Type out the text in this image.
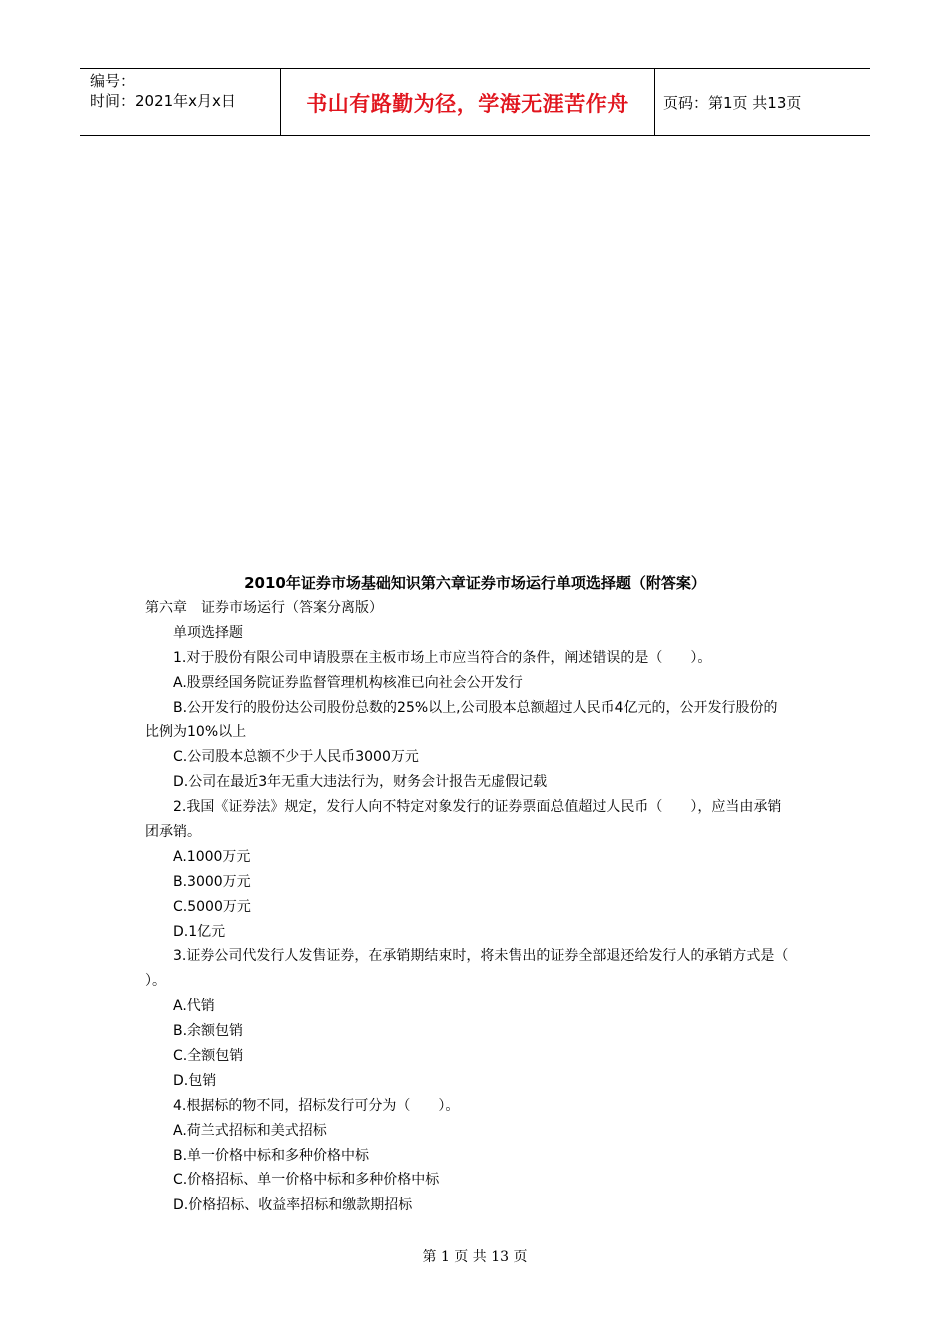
编号：
时间：2021年x月x日	书山有路勤为径，学海无涯苦作舟 页码：第1页 共13页
2010年证券市场基础知识第六章证券市场运行单项选择题（附答案）
第六章　证券市场运行（答案分离版）
单项选择题
1.对于股份有限公司申请股票在主板市场上市应当符合的条件，阐述错误的是（　　）。
A.股票经国务院证券监督管理机构核准已向社会公开发行
B.公开发行的股份达公司股份总数的25%以上,公司股本总额超过人民币4亿元的，公开发行股份的
比例为10%以上
C.公司股本总额不少于人民币3000万元
D.公司在最近3年无重大违法行为，财务会计报告无虚假记载
2.我国《证券法》规定，发行人向不特定对象发行的证券票面总值超过人民币（　　），应当由承销
团承销。
A.1000万元
B.3000万元
C.5000万元
D.1亿元
3.证券公司代发行人发售证券，在承销期结束时，将未售出的证券全部退还给发行人的承销方式是（
）。
A.代销
B.余额包销
C.全额包销
D.包销
4.根据标的物不同，招标发行可分为（　　）。
A.荷兰式招标和美式招标
B.单一价格中标和多种价格中标
C.价格招标、单一价格中标和多种价格中标
D.价格招标、收益率招标和缴款期招标
第 1 页 共 13 页
